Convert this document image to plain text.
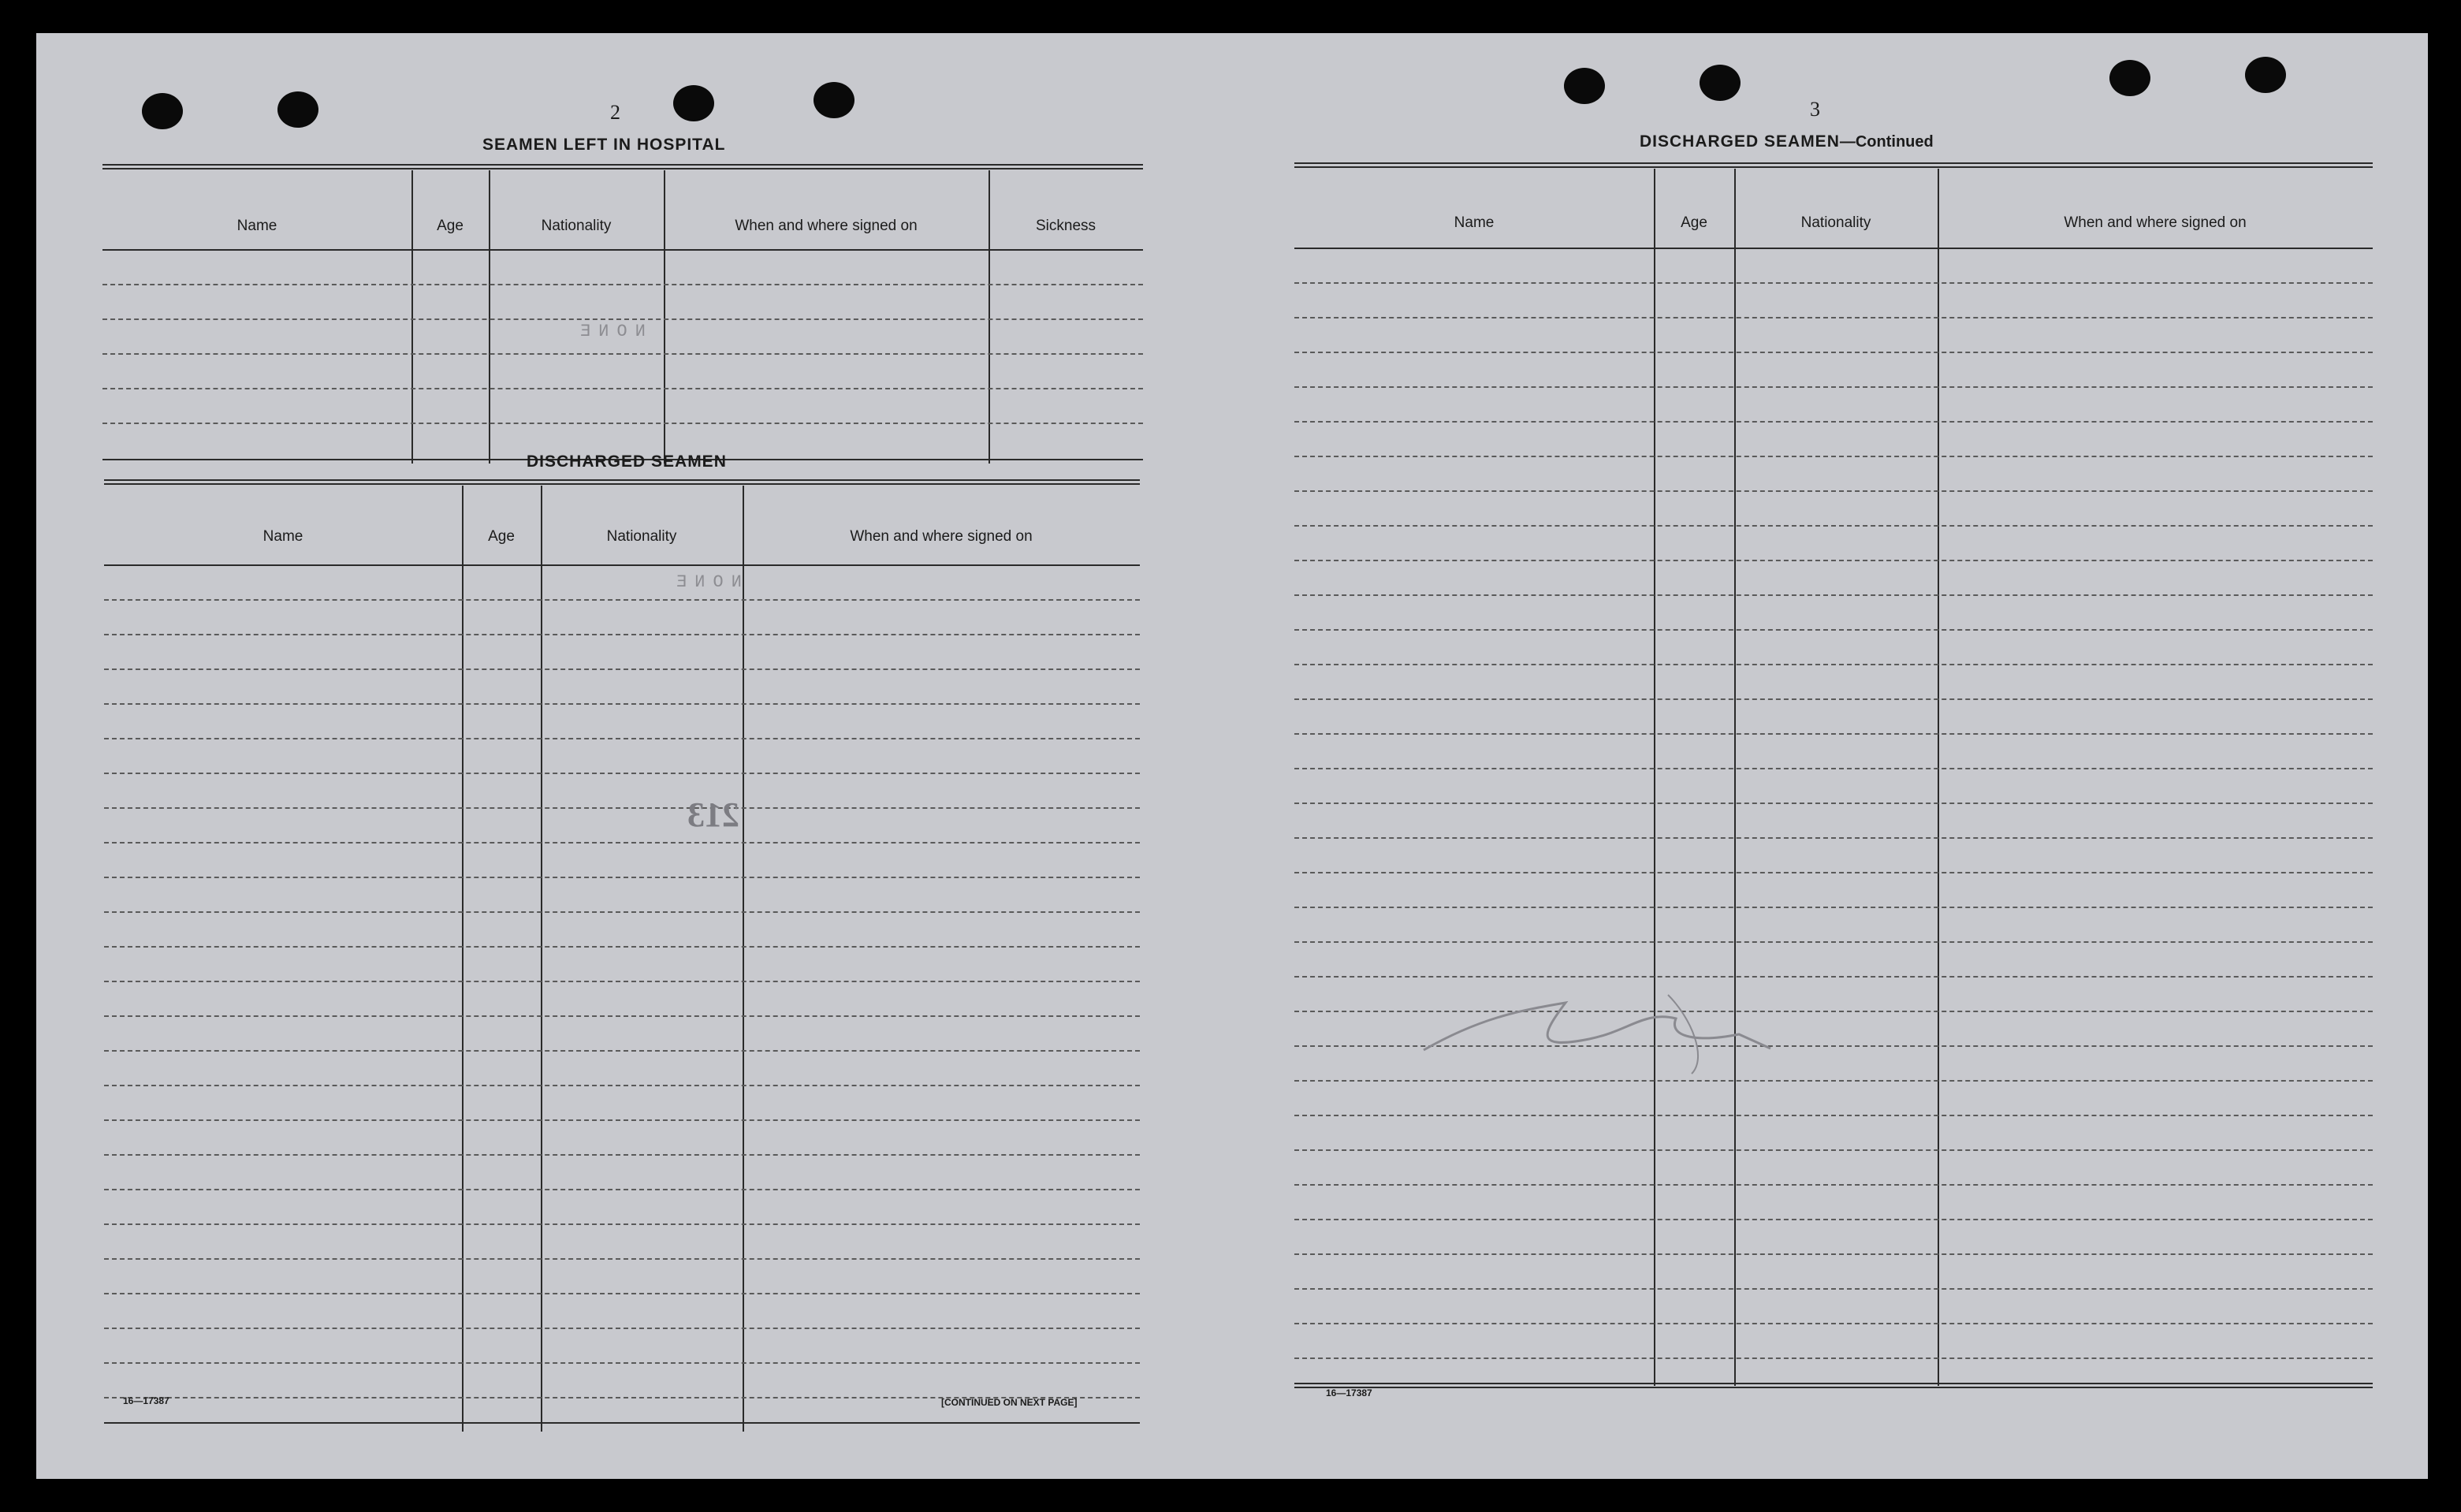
2
SEAMEN LEFT IN HOSPITAL
Name	Age	Nationality	When and where signed on	Sickness
NONE
DISCHARGED SEAMEN
Name	Age	Nationality	When and where signed on
NONE
213
16—17387	[CONTINUED ON NEXT PAGE]
3
DISCHARGED SEAMEN—Continued
Name	Age	Nationality	When and where signed on
16—17387
